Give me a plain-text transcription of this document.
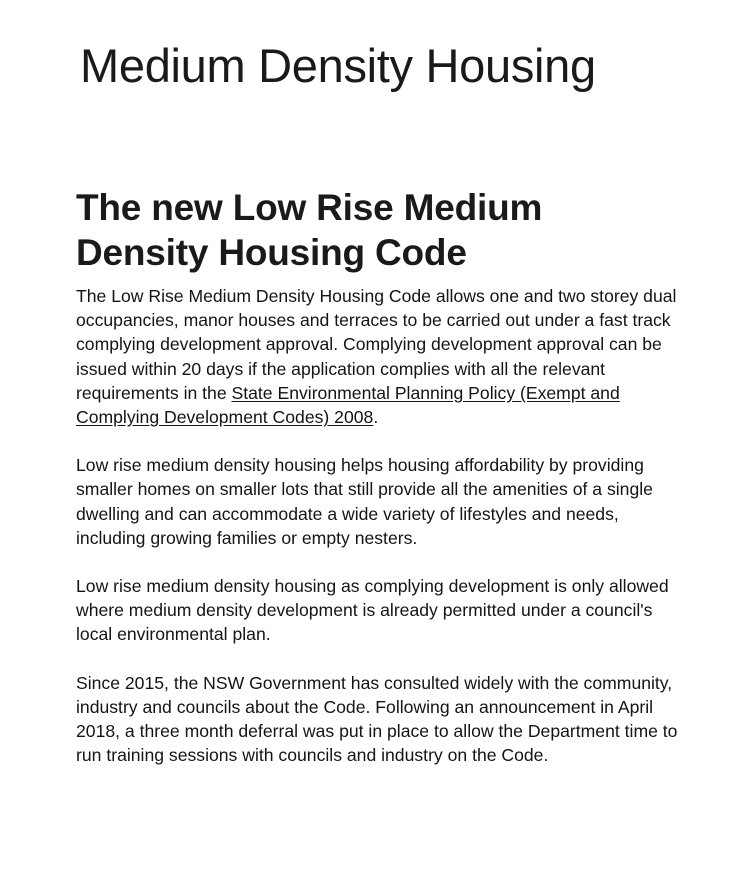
Medium Density Housing
The new Low Rise Medium Density Housing Code

The Low Rise Medium Density Housing Code allows one and two storey dual occupancies, manor houses and terraces to be carried out under a fast track complying development approval. Complying development approval can be issued within 20 days if the application complies with all the relevant requirements in the State Environmental Planning Policy (Exempt and Complying Development Codes) 2008.

Low rise medium density housing helps housing affordability by providing smaller homes on smaller lots that still provide all the amenities of a single dwelling and can accommodate a wide variety of lifestyles and needs, including growing families or empty nesters.

Low rise medium density housing as complying development is only allowed where medium density development is already permitted under a council's local environmental plan.

Since 2015, the NSW Government has consulted widely with the community, industry and councils about the Code. Following an announcement in April 2018, a three month deferral was put in place to allow the Department time to run training sessions with councils and industry on the Code.
